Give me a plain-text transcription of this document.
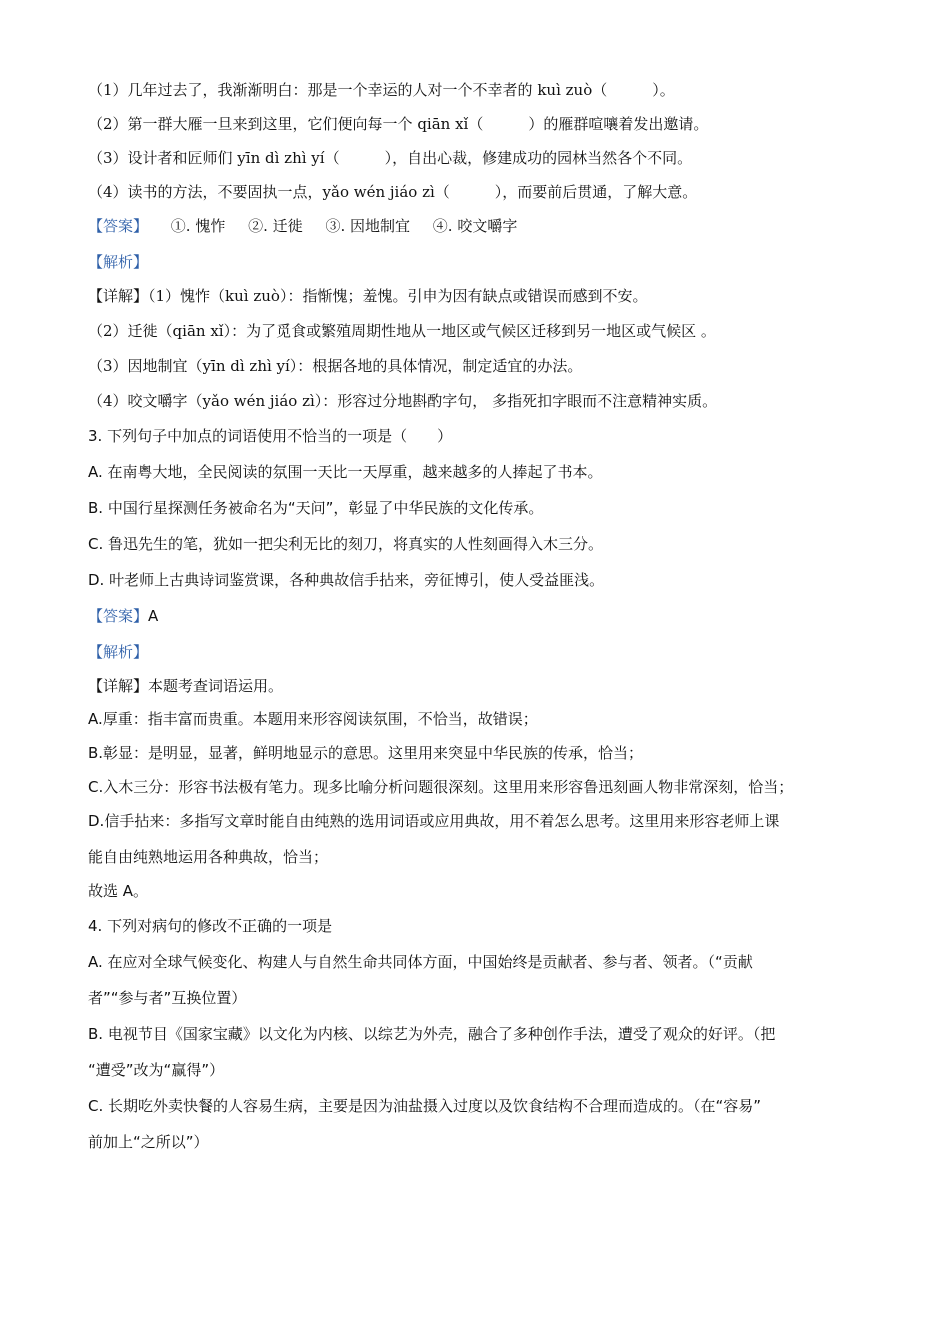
（1）几年过去了，我渐渐明白：那是一个幸运的人对一个不幸者的 kuì zuò（　　　）。
（2）第一群大雁一旦来到这里，它们便向每一个 qiān xǐ（　　　）的雁群喧嚷着发出邀请。
（3）设计者和匠师们 yīn dì zhì yí（　　　），自出心裁，修建成功的园林当然各个不同。
（4）读书的方法，不要固执一点，yǎo wén jiáo zì（　　　），而要前后贯通，了解大意。
【答案】 ①. 愧怍 ②. 迁徙 ③. 因地制宜 ④. 咬文嚼字
【解析】
【详解】（1）愧怍（kuì zuò）：指惭愧；羞愧。引申为因有缺点或错误而感到不安。
（2）迁徙（qiān xǐ）：为了觅食或繁殖周期性地从一地区或气候区迁移到另一地区或气候区 。
（3）因地制宜（yīn dì zhì yí）：根据各地的具体情况，制定适宜的办法。
（4）咬文嚼字（yǎo wén jiáo zì）：形容过分地斟酌字句， 多指死扣字眼而不注意精神实质。
3. 下列句子中加点的词语使用不恰当的一项是（　　）
A. 在南粤大地，全民阅读的氛围一天比一天厚重，越来越多的人捧起了书本。
B. 中国行星探测任务被命名为“天问”，彰显了中华民族的文化传承。
C. 鲁迅先生的笔，犹如一把尖利无比的刻刀，将真实的人性刻画得入木三分。
D. 叶老师上古典诗词鉴赏课，各种典故信手拈来，旁征博引，使人受益匪浅。
【答案】A
【解析】
【详解】本题考查词语运用。
A.厚重：指丰富而贵重。本题用来形容阅读氛围，不恰当，故错误；
B.彰显：是明显，显著，鲜明地显示的意思。这里用来突显中华民族的传承，恰当；
C.入木三分：形容书法极有笔力。现多比喻分析问题很深刻。这里用来形容鲁迅刻画人物非常深刻，恰当；
D.信手拈来：多指写文章时能自由纯熟的选用词语或应用典故，用不着怎么思考。这里用来形容老师上课
能自由纯熟地运用各种典故，恰当；
故选 A。
4. 下列对病句的修改不正确的一项是
A. 在应对全球气候变化、构建人与自然生命共同体方面，中国始终是贡献者、参与者、领者。（“贡献
者”“参与者”互换位置）
B. 电视节目《国家宝藏》以文化为内核、以综艺为外壳，融合了多种创作手法，遭受了观众的好评。（把
“遭受”改为“赢得”）
C. 长期吃外卖快餐的人容易生病，主要是因为油盐摄入过度以及饮食结构不合理而造成的。（在“容易”
前加上“之所以”）
